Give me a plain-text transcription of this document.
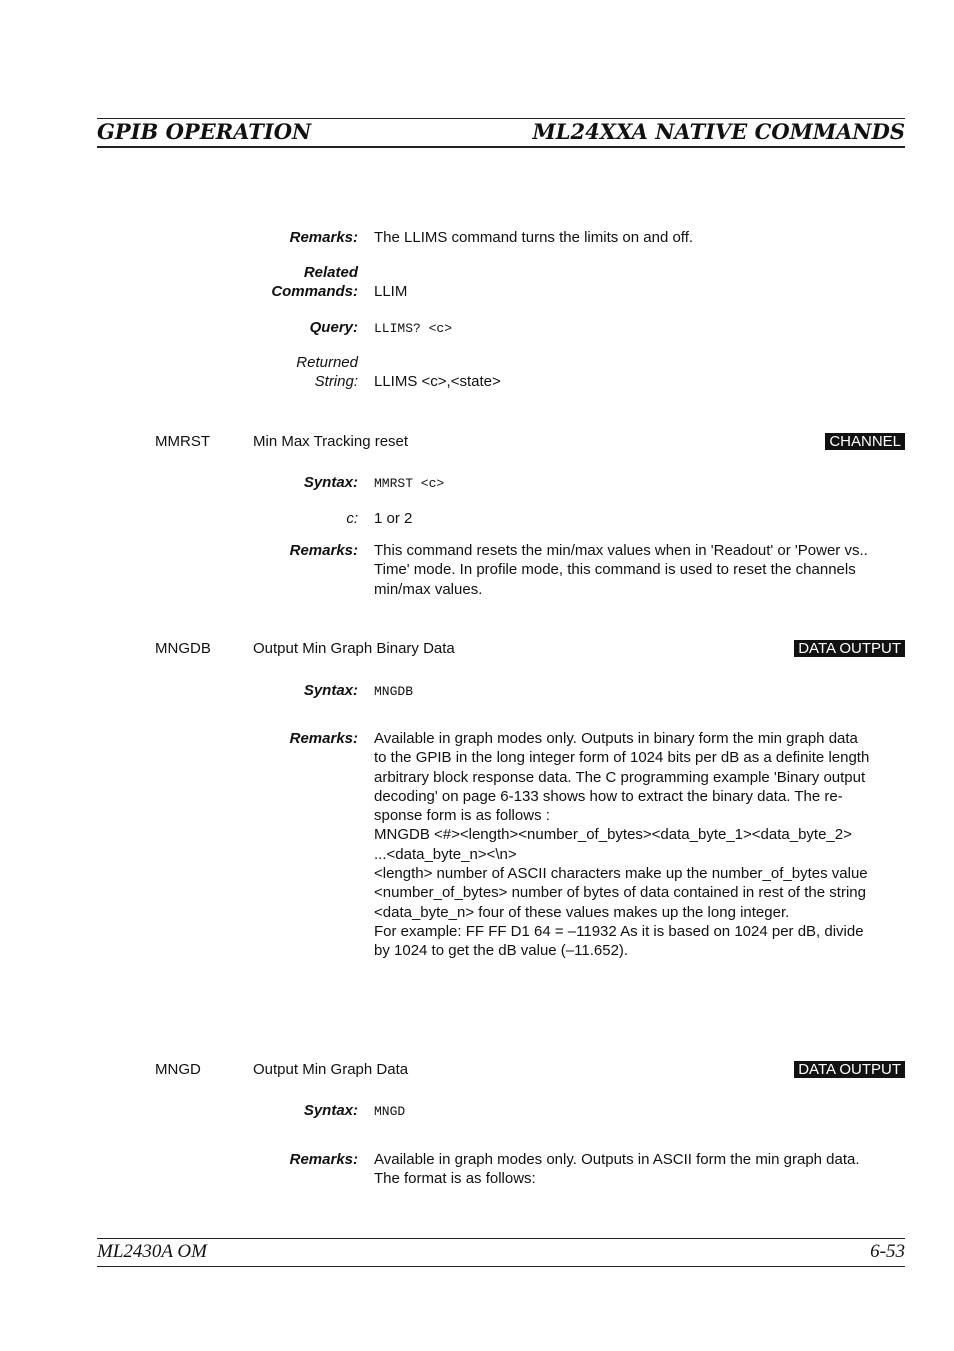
GPIB OPERATION	ML24XXA NATIVE COMMANDS
Remarks: The LLIMS command turns the limits on and off.
Related
Commands: LLIM
Query: LLIMS? <c>
Returned
String: LLIMS <c>,<state>
MMRST	Min Max Tracking reset	CHANNEL
Syntax: MMRST <c>
c: 1 or 2
Remarks: This command resets the min/max values when in 'Readout' or 'Power vs..
Time' mode. In profile mode, this command is used to reset the channels
min/max values.
MNGDB	Output Min Graph Binary Data	DATA OUTPUT
Syntax: MNGDB
Remarks: Available in graph modes only. Outputs in binary form the min graph data
to the GPIB in the long integer form of 1024 bits per dB as a definite length
arbitrary block response data. The C programming example 'Binary output
decoding' on page 6-133 shows how to extract the binary data. The re-
sponse form is as follows :
MNGDB <#><length><number_of_bytes><data_byte_1><data_byte_2>
...<data_byte_n><\n>
<length> number of ASCII characters make up the number_of_bytes value
<number_of_bytes> number of bytes of data contained in rest of the string
<data_byte_n> four of these values makes up the long integer.
For example: FF FF D1 64 = –11932 As it is based on 1024 per dB, divide
by 1024 to get the dB value (–11.652).
MNGD	Output Min Graph Data	DATA OUTPUT
Syntax: MNGD
Remarks: Available in graph modes only. Outputs in ASCII form the min graph data.
The format is as follows:
ML2430A OM	6-53
